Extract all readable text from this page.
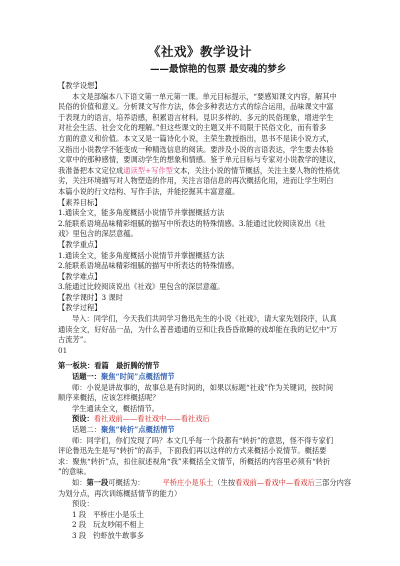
《社戏》教学设计
——最惊艳的包票 最安魂的梦乡

【教学设想】

本文是部编本八下语文第一单元第一课。单元目标提示，“要感知课文内容，解其中

民俗的价值和意义。分析课文写作方法，体会多种表达方式的综合运用，品味课文中富

于表现力的语言，培养语感，积累语言材料。見识多样的、多元的民俗现象，增进学生

对社会生活、社会文化的理解。”但这些课文的主题又并不局限于民俗文化，而有着多

方面的意义和价值。本文又是一篇诗化小说，主荣生教授指出，思书不是读小说方式，

又指出小说教学不能变成一种精选信息的阅读。要涉及小说的言语表达，学生要去体验

文章中的那种感情，要调动学生的想象和情感。鉴于单元目标与专家对小说教学的建议，

我准备把本文定位成通读型+写作型文本，关注小说的情节概括，关注主要人物的性格优

劣，关注环境描写对人物塑造的作用，关注言语信息的再次概括化用，进而让学生明白

本篇小说的行文结构、写作手法，并能挖掘其丰富意蕴。

【素养目标】

1.通读全文，能多角度概括小说情节并掌握概括方法

2.能联系语境品味精彩细腻的描写中所表达的特殊情感。3.能通过比较阅读说出《社

戏》里包含的深层意蕴。

【教学重点】

1.通读全文，能多角度概括小说情节并掌握概括方法

2.能联系语境品味精彩细腻的描写中所表达的特殊情感。

【教学难点】

3.能通过比较阅读说出《社戏》里包含的深层意蕴。

【教学课时】3 课时

【教学过程】

导入：同学们，今天我们共同学习鲁迅先生的小说《社戏》，请大家先划段序，认真

通读全文，好好品一品，为什么普普通通的豆和让我昏昏欲睡的戏却能在我的记忆中“万

古流芳”。

01

第一板块：看篇　最折腾的情节

话题一：聚焦“时间”点概括情节

师：小说是讲故事的，故事总是有时间的，如果以标题“社戏”作为关键词，按时间

顺序来概括，应该怎样概括呢？

学生通读全文，概括情节。

预设：看社戏前——看社戏中——看社戏后

话题二：聚焦“转折”点概括情节

师：同学们，你们发现了吗？本文几乎每一个段都有“转折”的意思，怪不得专家们

评论鲁迅先生是写“转折”的高手，下面我们再以这样的方式来概括小说情节。概括要

求：聚焦“转折”点，扣住叙述视角“我”来概括全文情节，所概括的内容里必须有“转折

”的意味。

如：第一段可概括为： 平桥庄小是乐土（生按看戏前—看戏中—看戏后三部分内容

为划分点，再次训练概括情节的能力）

预设：

1 段 平桥庄小是乐土

2 段 玩友吵闹不相上

3 段 钓虾放牛敢事多
